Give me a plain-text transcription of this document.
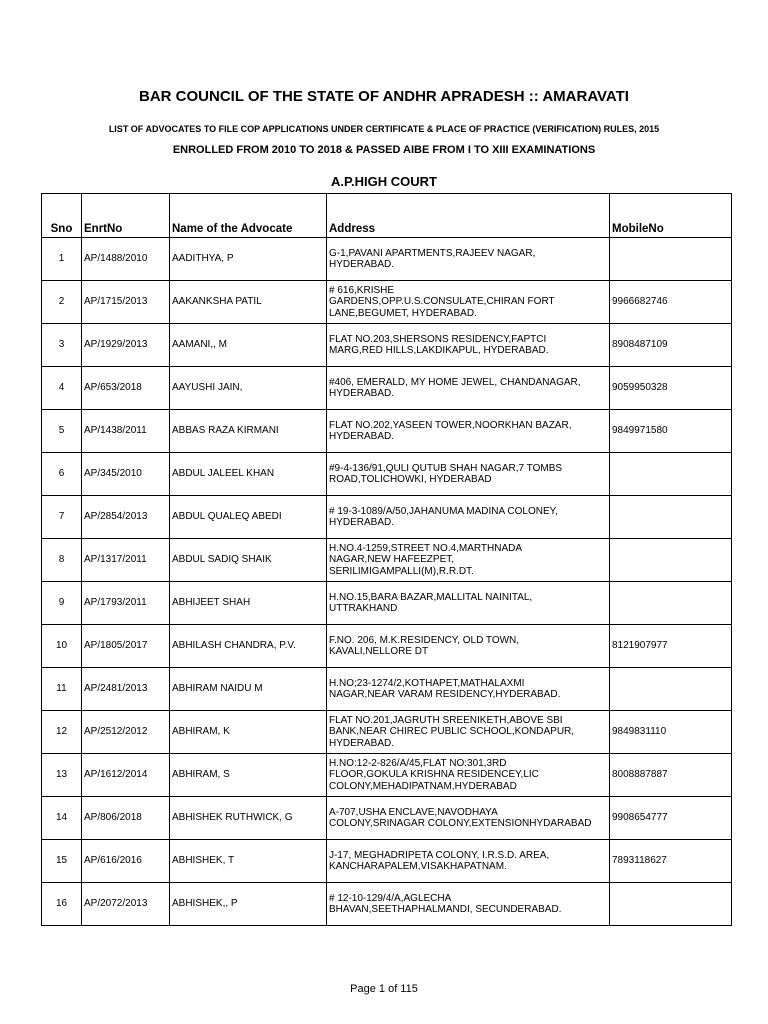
BAR COUNCIL OF THE STATE OF ANDHR APRADESH :: AMARAVATI
LIST OF ADVOCATES TO FILE COP APPLICATIONS UNDER CERTIFICATE & PLACE OF PRACTICE (VERIFICATION) RULES, 2015
ENROLLED FROM 2010 TO 2018 & PASSED AIBE FROM I TO XIII EXAMINATIONS
A.P.HIGH COURT
Sno	EnrtNo	Name of the Advocate	Address	MobileNo
1	AP/1488/2010	AADITHYA, P	G-1,PAVANI APARTMENTS,RAJEEV NAGAR,
HYDERABAD.	
2	AP/1715/2013	AAKANKSHA PATIL	# 616,KRISHE
GARDENS,OPP.U.S.CONSULATE,CHIRAN FORT
LANE,BEGUMET, HYDERABAD.	9966682746
3	AP/1929/2013	AAMANI,, M	FLAT NO.203,SHERSONS RESIDENCY,FAPTCI
MARG,RED HILLS,LAKDIKAPUL, HYDERABAD.	8908487109
4	AP/653/2018	AAYUSHI JAIN,	#406, EMERALD, MY HOME JEWEL, CHANDANAGAR,
HYDERABAD.	9059950328
5	AP/1438/2011	ABBAS RAZA KIRMANI	FLAT NO.202,YASEEN TOWER,NOORKHAN BAZAR,
HYDERABAD.	9849971580
6	AP/345/2010	ABDUL JALEEL KHAN	#9-4-136/91,QULI QUTUB SHAH NAGAR,7 TOMBS
ROAD,TOLICHOWKI, HYDERABAD	
7	AP/2854/2013	ABDUL QUALEQ ABEDI	# 19-3-1089/A/50,JAHANUMA MADINA COLONEY,
HYDERABAD.	
8	AP/1317/2011	ABDUL SADIQ SHAIK	H.NO.4-1259,STREET NO.4,MARTHNADA
NAGAR,NEW HAFEEZPET,
SERILIMIGAMPALLI(M),R.R.DT.	
9	AP/1793/2011	ABHIJEET SHAH	H.NO.15,BARA BAZAR,MALLITAL NAINITAL,
UTTRAKHAND	
10	AP/1805/2017	ABHILASH CHANDRA, P.V.	F.NO. 206, M.K.RESIDENCY, OLD TOWN,
KAVALI,NELLORE DT	8121907977
11	AP/2481/2013	ABHIRAM NAIDU M	H.NO;23-1274/2,KOTHAPET,MATHALAXMI
NAGAR,NEAR VARAM RESIDENCY,HYDERABAD.	
12	AP/2512/2012	ABHIRAM, K	FLAT NO.201,JAGRUTH SREENIKETH,ABOVE SBI
BANK,NEAR CHIREC PUBLIC SCHOOL,KONDAPUR,
HYDERABAD.	9849831110
13	AP/1612/2014	ABHIRAM, S	H.NO:12-2-826/A/45,FLAT NO:301,3RD
FLOOR,GOKULA KRISHNA RESIDENCEY,LIC
COLONY,MEHADIPATNAM,HYDERABAD	8008887887
14	AP/806/2018	ABHISHEK RUTHWICK, G	A-707,USHA ENCLAVE,NAVODHAYA
COLONY,SRINAGAR COLONY,EXTENSIONHYDARABAD	9908654777
15	AP/616/2016	ABHISHEK, T	J-17, MEGHADRIPETA COLONY, I.R.S.D. AREA,
KANCHARAPALEM,VISAKHAPATNAM.	7893118627
16	AP/2072/2013	ABHISHEK,, P	# 12-10-129/4/A,AGLECHA
BHAVAN,SEETHAPHALMANDI, SECUNDERABAD.	
Page 1 of 115
